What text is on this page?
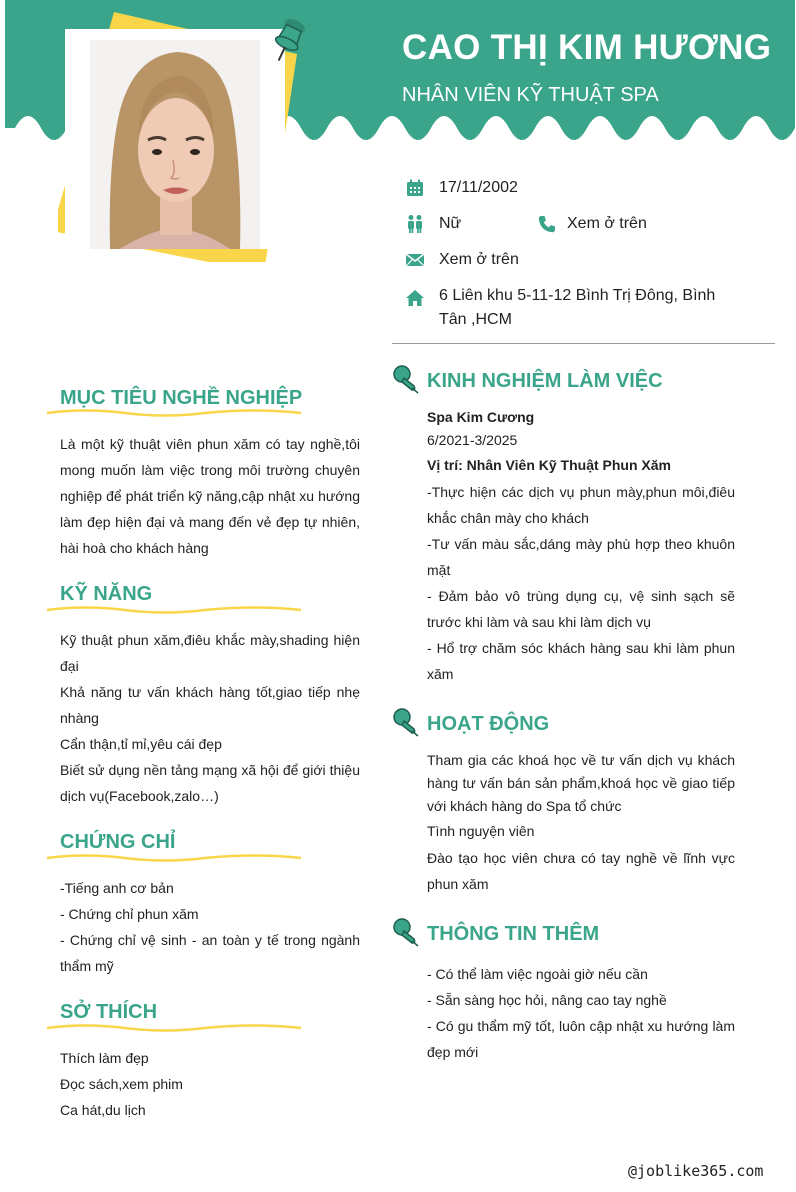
CAO THỊ KIM HƯƠNG
NHÂN VIÊN KỸ THUẬT SPA
17/11/2002
Nữ	Xem ở trên
Xem ở trên
6 Liên khu 5-11-12 Bình Trị Đông, Bình Tân ,HCM
MỤC TIÊU NGHỀ NGHIỆP

Là một kỹ thuật viên phun xăm có tay nghề,tôi mong muốn làm việc trong môi trường chuyên nghiệp để phát triển kỹ năng,cập nhật xu hướng làm đẹp hiện đại và mang đến vẻ đẹp tự nhiên, hài hoà cho khách hàng

KỸ NĂNG

Kỹ thuật phun xăm,điêu khắc mày,shading hiện đại

Khả năng tư vấn khách hàng tốt,giao tiếp nhẹ nhàng

Cẩn thận,tỉ mỉ,yêu cái đẹp

Biết sử dụng nền tảng mạng xã hội để giới thiệu dịch vụ(Facebook,zalo…)

CHỨNG CHỈ

-Tiếng anh cơ bản

- Chứng chỉ phun xăm

- Chứng chỉ vệ sinh - an toàn y tế trong ngành thẩm mỹ

SỞ THÍCH

Thích làm đẹp

Đọc sách,xem phim

Ca hát,du lịch

KINH NGHIỆM LÀM VIỆC

Spa Kim Cương

6/2021-3/2025

Vị trí: Nhân Viên Kỹ Thuật Phun Xăm

-Thực hiện các dịch vụ phun mày,phun môi,điêu khắc chân mày cho khách

-Tư vấn màu sắc,dáng mày phù hợp theo khuôn mặt

- Đảm bảo vô trùng dụng cụ, vệ sinh sạch sẽ trước khi làm và sau khi làm dịch vụ

- Hổ trợ chăm sóc khách hàng sau khi làm phun xăm

HOẠT ĐỘNG

Tham gia các khoá học về tư vấn dịch vụ khách hàng tư vấn bán sản phẩm,khoá học về giao tiếp với khách hàng do Spa tổ chức

Tình nguyện viên

Đào tạo học viên chưa có tay nghề về lĩnh vực phun xăm

THÔNG TIN THÊM

- Có thể làm việc ngoài giờ nếu cần

- Sẵn sàng học hỏi, nâng cao tay nghề

- Có gu thẩm mỹ tốt, luôn cập nhật xu hướng làm đẹp mới

@joblike365.com
